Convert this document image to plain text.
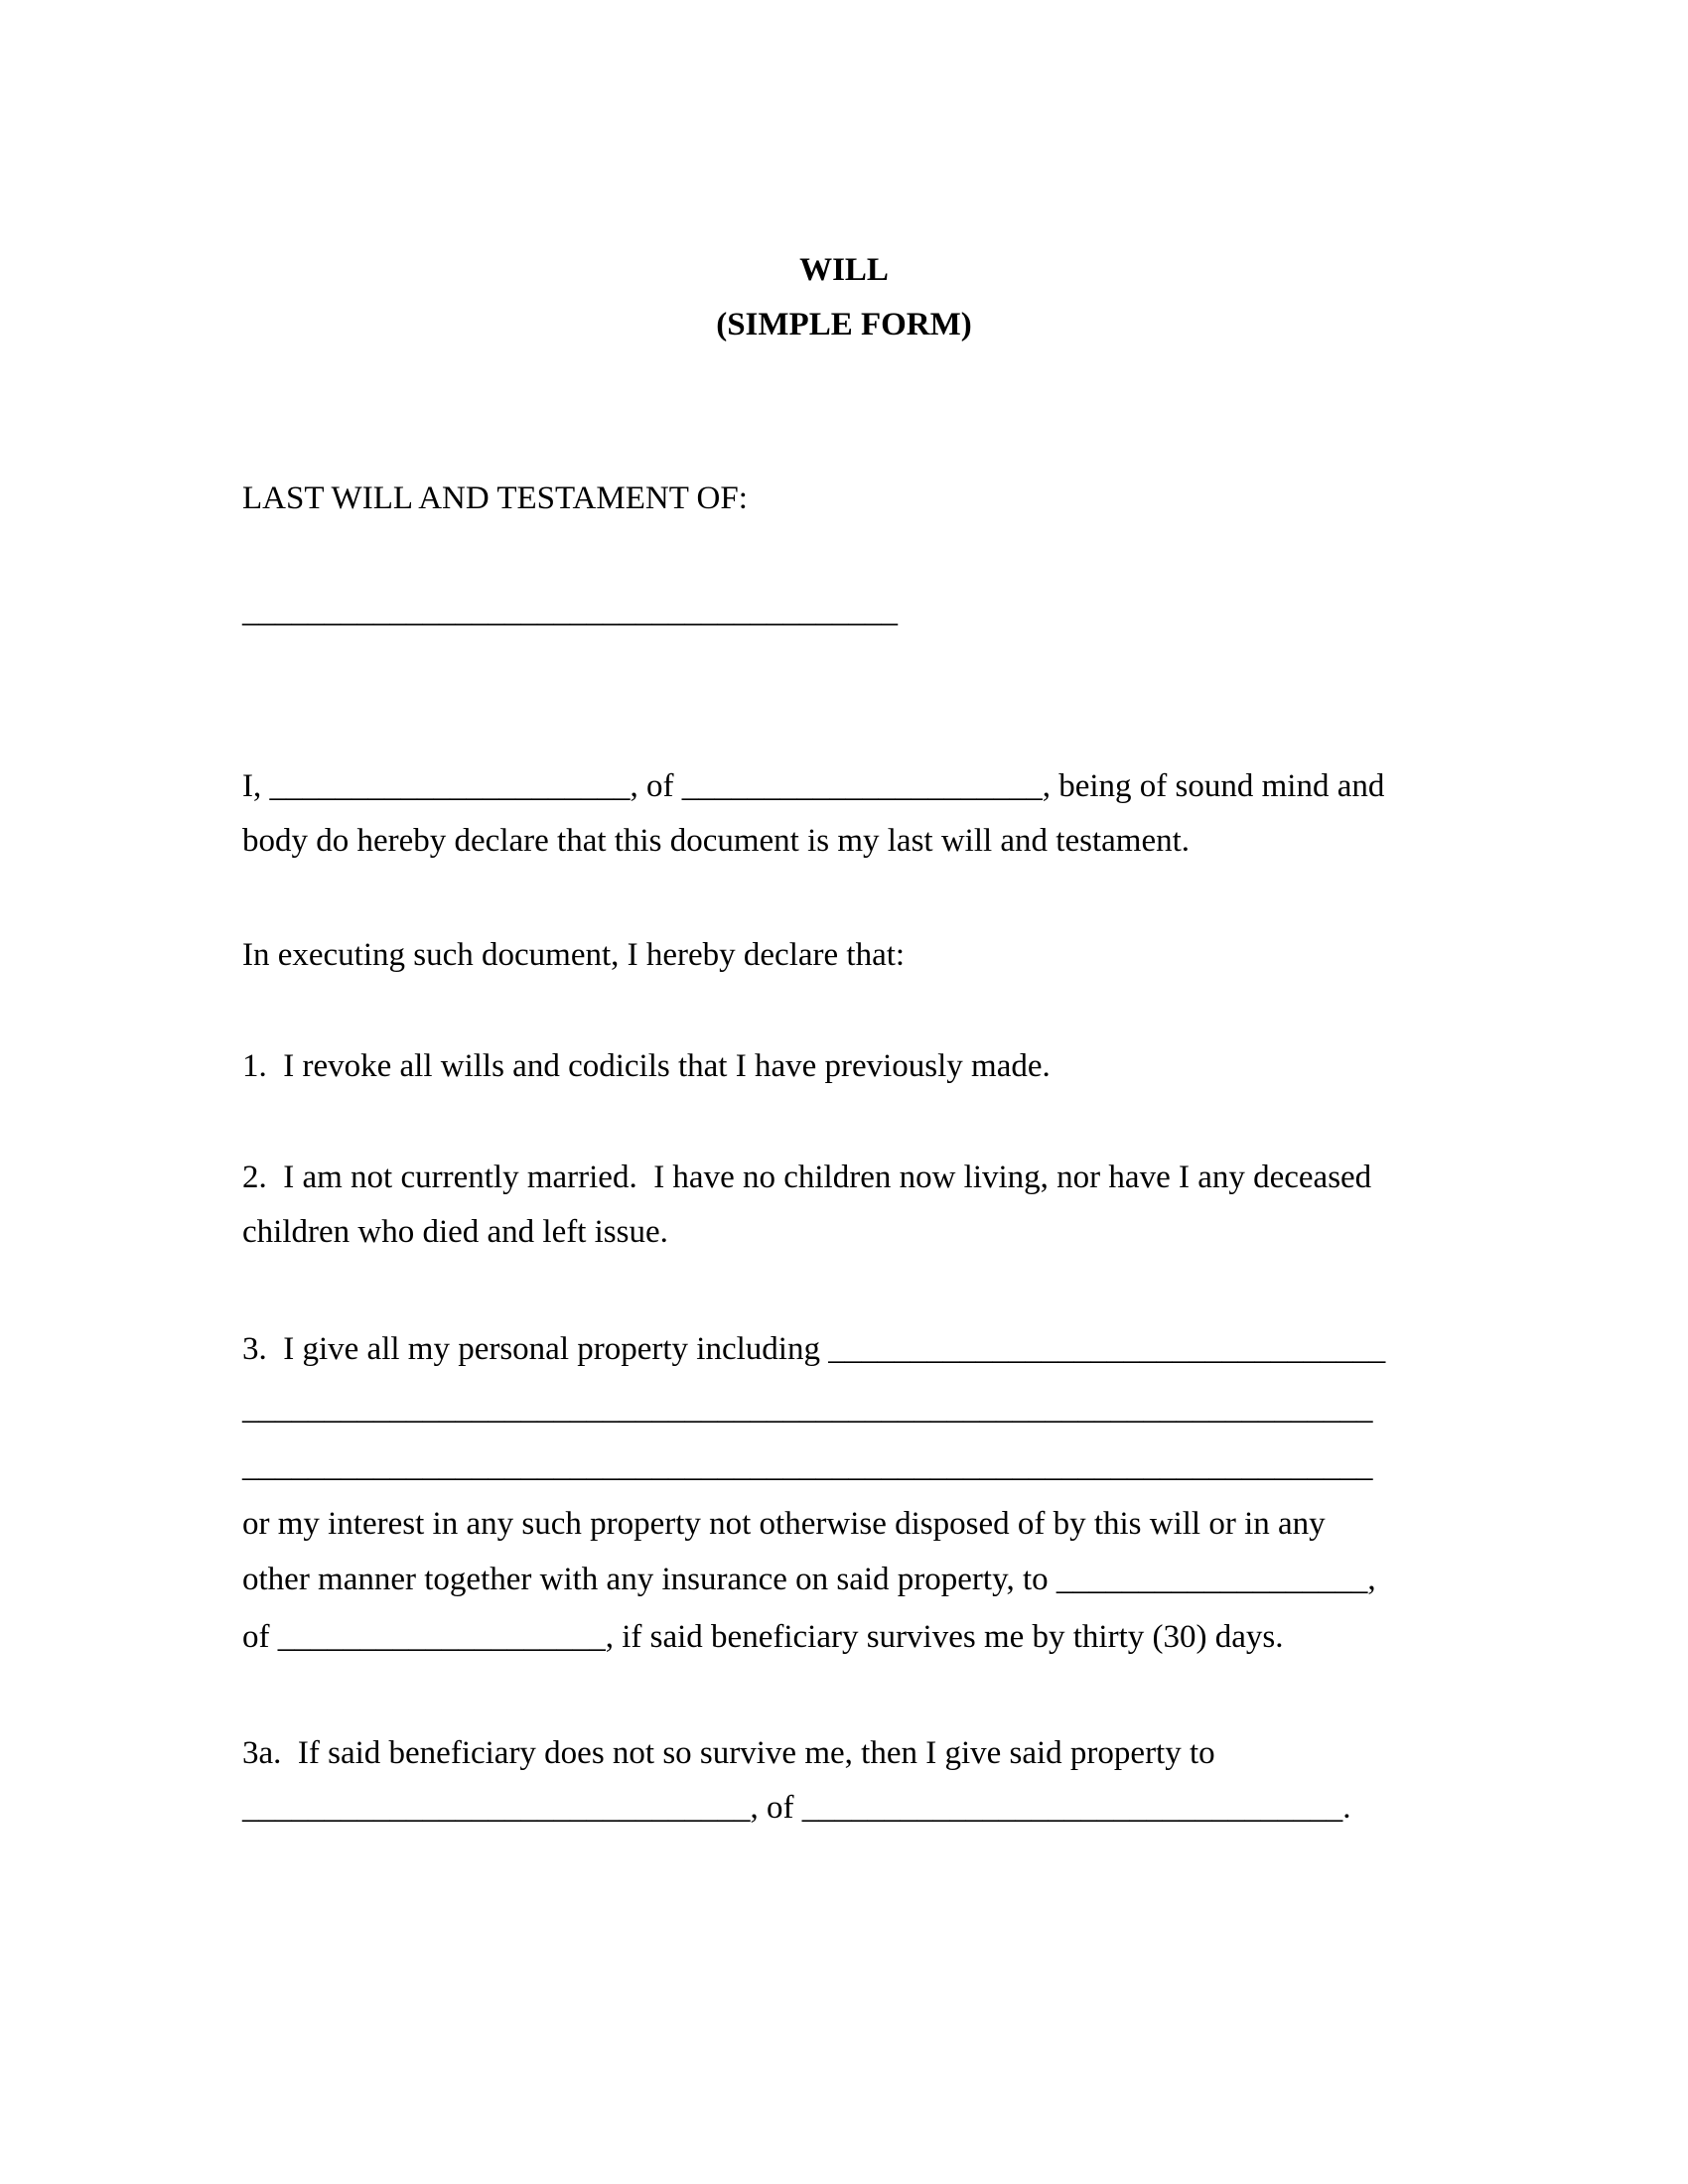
WILL
(SIMPLE FORM)
LAST WILL AND TESTAMENT OF:
________________________________________
I, ______________________, of ______________________, being of sound mind and
body do hereby declare that this document is my last will and testament.
In executing such document, I hereby declare that:
1.  I revoke all wills and codicils that I have previously made.
2.  I am not currently married.  I have no children now living, nor have I any deceased
children who died and left issue.
3.  I give all my personal property including __________________________________
_____________________________________________________________________
_____________________________________________________________________
or my interest in any such property not otherwise disposed of by this will or in any
other manner together with any insurance on said property, to ___________________,
of ____________________, if said beneficiary survives me by thirty (30) days.
3a.  If said beneficiary does not so survive me, then I give said property to
_______________________________, of _________________________________.
